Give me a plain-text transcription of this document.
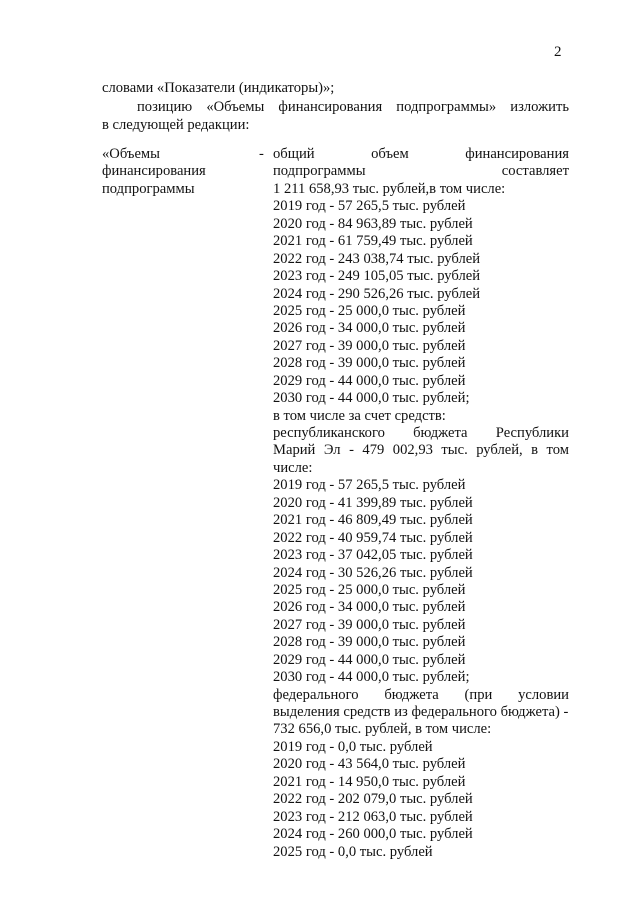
2
словами «Показатели (индикаторы)»;
позицию «Объемы финансирования подпрограммы» изложить
в следующей редакции:
«Объемы
финансирования
подпрограммы
- общий объем финансирования
подпрограммы составляет
1 211 658,93 тыс. рублей,в том числе:
2019 год - 57 265,5 тыс. рублей
2020 год - 84 963,89 тыс. рублей
2021 год - 61 759,49 тыс. рублей
2022 год - 243 038,74 тыс. рублей
2023 год - 249 105,05 тыс. рублей
2024 год - 290 526,26 тыс. рублей
2025 год - 25 000,0 тыс. рублей
2026 год - 34 000,0 тыс. рублей
2027 год - 39 000,0 тыс. рублей
2028 год - 39 000,0 тыс. рублей
2029 год - 44 000,0 тыс. рублей
2030 год - 44 000,0 тыс. рублей;
в том числе за счет средств:
республиканского бюджета Республики
Марий Эл - 479 002,93 тыс. рублей, в том
числе:
2019 год - 57 265,5 тыс. рублей
2020 год - 41 399,89 тыс. рублей
2021 год - 46 809,49 тыс. рублей
2022 год - 40 959,74 тыс. рублей
2023 год - 37 042,05 тыс. рублей
2024 год - 30 526,26 тыс. рублей
2025 год - 25 000,0 тыс. рублей
2026 год - 34 000,0 тыс. рублей
2027 год - 39 000,0 тыс. рублей
2028 год - 39 000,0 тыс. рублей
2029 год - 44 000,0 тыс. рублей
2030 год - 44 000,0 тыс. рублей;
федерального бюджета (при условии
выделения средств из федерального бюджета) -
732 656,0 тыс. рублей, в том числе:
2019 год - 0,0 тыс. рублей
2020 год - 43 564,0 тыс. рублей
2021 год - 14 950,0 тыс. рублей
2022 год - 202 079,0 тыс. рублей
2023 год - 212 063,0 тыс. рублей
2024 год - 260 000,0 тыс. рублей
2025 год - 0,0 тыс. рублей
